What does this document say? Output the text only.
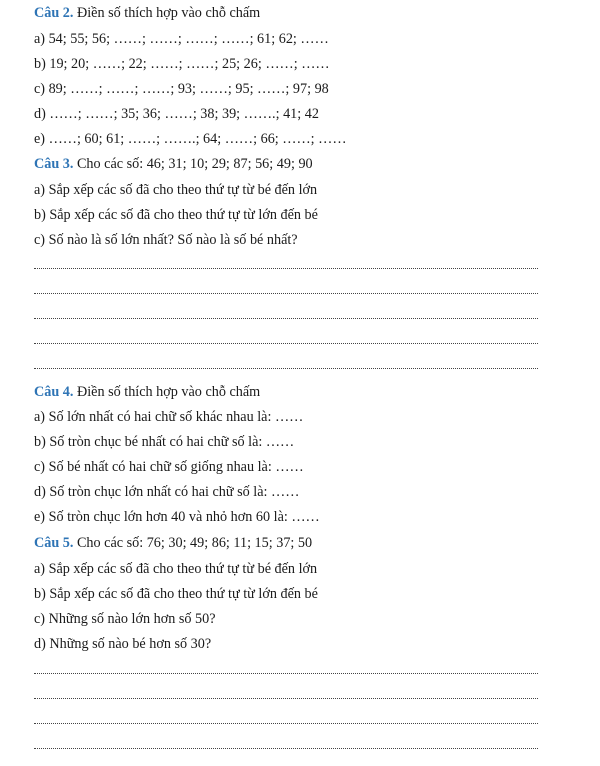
Câu 2. Điền số thích hợp vào chỗ chấm
a) 54; 55; 56; ……; ……; ……; ……; 61; 62; ……
b) 19; 20; ……; 22; ……; ……; 25; 26; ……; ……
c) 89; ……; ……; ……; 93; ……; 95; ……; 97; 98
d) ……; ……; 35; 36; ……; 38; 39; …….; 41; 42
e) ……; 60; 61; ……; …….; 64; ……; 66; ……; ……
Câu 3. Cho các số: 46; 31; 10; 29; 87; 56; 49; 90
a) Sắp xếp các số đã cho theo thứ tự từ bé đến lớn
b) Sắp xếp các số đã cho theo thứ tự từ lớn đến bé
c) Số nào là số lớn nhất? Số nào là số bé nhất?
Câu 4. Điền số thích hợp vào chỗ chấm
a) Số lớn nhất có hai chữ số khác nhau là: ……
b) Số tròn chục bé nhất có hai chữ số là: ……
c) Số bé nhất có hai chữ số giống nhau là: ……
d) Số tròn chục lớn nhất có hai chữ số là: ……
e) Số tròn chục lớn hơn 40 và nhỏ hơn 60 là: ……
Câu 5. Cho các số: 76; 30; 49; 86; 11; 15; 37; 50
a) Sắp xếp các số đã cho theo thứ tự từ bé đến lớn
b) Sắp xếp các số đã cho theo thứ tự từ lớn đến bé
c) Những số nào lớn hơn số 50?
d) Những số nào bé hơn số 30?
